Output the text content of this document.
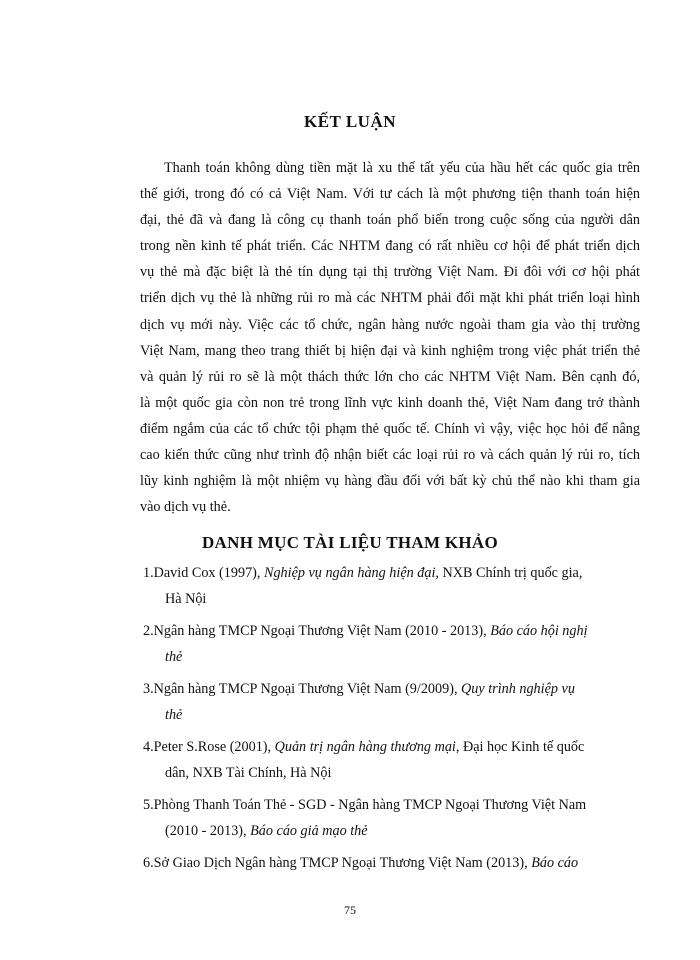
KẾT LUẬN
Thanh toán không dùng tiền mặt là xu thế tất yếu của hầu hết các quốc gia trên
thế giới, trong đó có cả Việt Nam. Với tư cách là một phương tiện thanh toán hiện
đại, thẻ đã và đang là công cụ thanh toán phổ biến trong cuộc sống của người dân
trong nền kinh tế phát triển. Các NHTM đang có rất nhiều cơ hội để phát triển dịch
vụ thẻ mà đặc biệt là thẻ tín dụng tại thị trường Việt Nam. Đi đôi với cơ hội phát
triển dịch vụ thẻ là những rủi ro mà các NHTM phải đối mặt khi phát triển loại hình
dịch vụ mới này. Việc các tổ chức, ngân hàng nước ngoài tham gia vào thị trường
Việt Nam, mang theo trang thiết bị hiện đại và kinh nghiệm trong việc phát triển thẻ
và quản lý rủi ro sẽ là một thách thức lớn cho các NHTM Việt Nam. Bên cạnh đó,
là một quốc gia còn non trẻ trong lĩnh vực kinh doanh thẻ, Việt Nam đang trở thành
điểm ngắm của các tổ chức tội phạm thẻ quốc tế. Chính vì vậy, việc học hỏi để nâng
cao kiến thức cũng như trình độ nhận biết các loại rủi ro và cách quản lý rủi ro, tích
lũy kinh nghiệm là một nhiệm vụ hàng đầu đối với bất kỳ chủ thể nào khi tham gia
vào dịch vụ thẻ.
DANH MỤC TÀI LIỆU THAM KHẢO
1.David Cox (1997), Nghiệp vụ ngân hàng hiện đại, NXB Chính trị quốc gia,
Hà Nội
2.Ngân hàng TMCP Ngoại Thương Việt Nam (2010 - 2013), Báo cáo hội nghị
thẻ
3.Ngân hàng TMCP Ngoại Thương Việt Nam (9/2009), Quy trình nghiệp vụ
thẻ
4.Peter S.Rose (2001), Quản trị ngân hàng thương mại, Đại học Kinh tế quốc
dân, NXB Tài Chính, Hà Nội
5.Phòng Thanh Toán Thẻ - SGD - Ngân hàng TMCP Ngoại Thương Việt Nam
(2010 - 2013), Báo cáo giả mạo thẻ
6.Sở Giao Dịch Ngân hàng TMCP Ngoại Thương Việt Nam (2013), Báo cáo
75
